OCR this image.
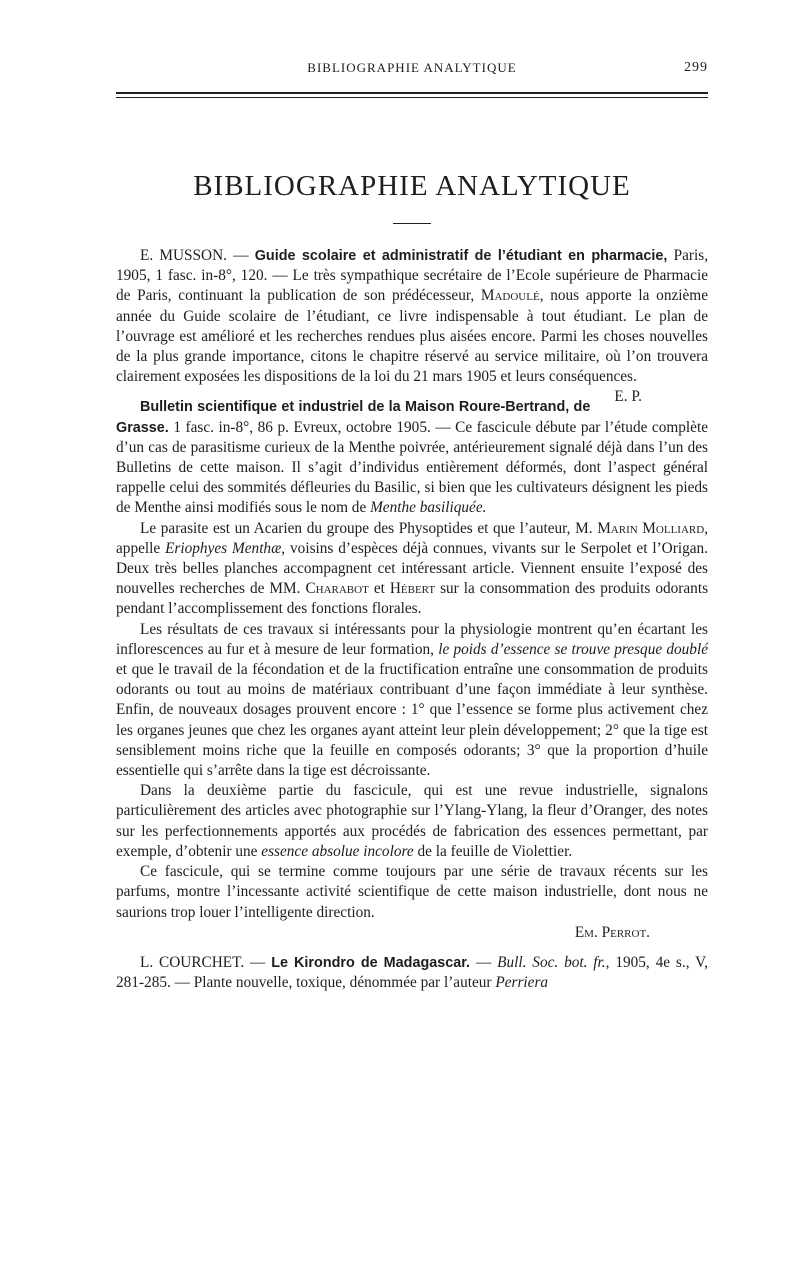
BIBLIOGRAPHIE ANALYTIQUE	299
BIBLIOGRAPHIE ANALYTIQUE

E. MUSSON. — Guide scolaire et administratif de l’étudiant en pharmacie, Paris, 1905, 1 fasc. in-8°, 120. — Le très sympathique secrétaire de l’Ecole supérieure de Pharmacie de Paris, continuant la publication de son prédécesseur, Madoulé, nous apporte la onzième année du Guide scolaire de l’étudiant, ce livre indispensable à tout étudiant. Le plan de l’ouvrage est amélioré et les recherches rendues plus aisées encore. Parmi les choses nouvelles de la plus grande importance, citons le chapitre réservé au service militaire, où l’on trouvera clairement exposées les dispositions de la loi du 21 mars 1905 et leurs conséquences.
E. P.

Bulletin scientifique et industriel de la Maison Roure-Bertrand, de Grasse. 1 fasc. in-8°, 86 p. Evreux, octobre 1905. — Ce fascicule débute par l’étude complète d’un cas de parasitisme curieux de la Menthe poivrée, antérieurement signalé déjà dans l’un des Bulletins de cette maison. Il s’agit d’individus entièrement déformés, dont l’aspect général rappelle celui des sommités défleuries du Basilic, si bien que les cultivateurs désignent les pieds de Menthe ainsi modifiés sous le nom de Menthe basiliquée.

Le parasite est un Acarien du groupe des Physoptides et que l’auteur, M. Marin Molliard, appelle Eriophyes Menthæ, voisins d’espèces déjà connues, vivants sur le Serpolet et l’Origan. Deux très belles planches accompagnent cet intéressant article. Viennent ensuite l’exposé des nouvelles recherches de MM. Charabot et Hébert sur la consommation des produits odorants pendant l’accomplissement des fonctions florales.

Les résultats de ces travaux si intéressants pour la physiologie montrent qu’en écartant les inflorescences au fur et à mesure de leur formation, le poids d’essence se trouve presque doublé et que le travail de la fécondation et de la fructification entraîne une consommation de produits odorants ou tout au moins de matériaux contribuant d’une façon immédiate à leur synthèse. Enfin, de nouveaux dosages prouvent encore : 1° que l’essence se forme plus activement chez les organes jeunes que chez les organes ayant atteint leur plein développement; 2° que la tige est sensiblement moins riche que la feuille en composés odorants; 3° que la proportion d’huile essentielle qui s’arrête dans la tige est décroissante.

Dans la deuxième partie du fascicule, qui est une revue industrielle, signalons particulièrement des articles avec photographie sur l’Ylang-Ylang, la fleur d’Oranger, des notes sur les perfectionnements apportés aux procédés de fabrication des essences permettant, par exemple, d’obtenir une essence absolue incolore de la feuille de Violettier.

Ce fascicule, qui se termine comme toujours par une série de travaux récents sur les parfums, montre l’incessante activité scientifique de cette maison industrielle, dont nous ne saurions trop louer l’intelligente direction.

Em. Perrot.

L. COURCHET. — Le Kirondro de Madagascar. — Bull. Soc. bot. fr., 1905, 4e s., V, 281-285. — Plante nouvelle, toxique, dénommée par l’auteur Perriera
